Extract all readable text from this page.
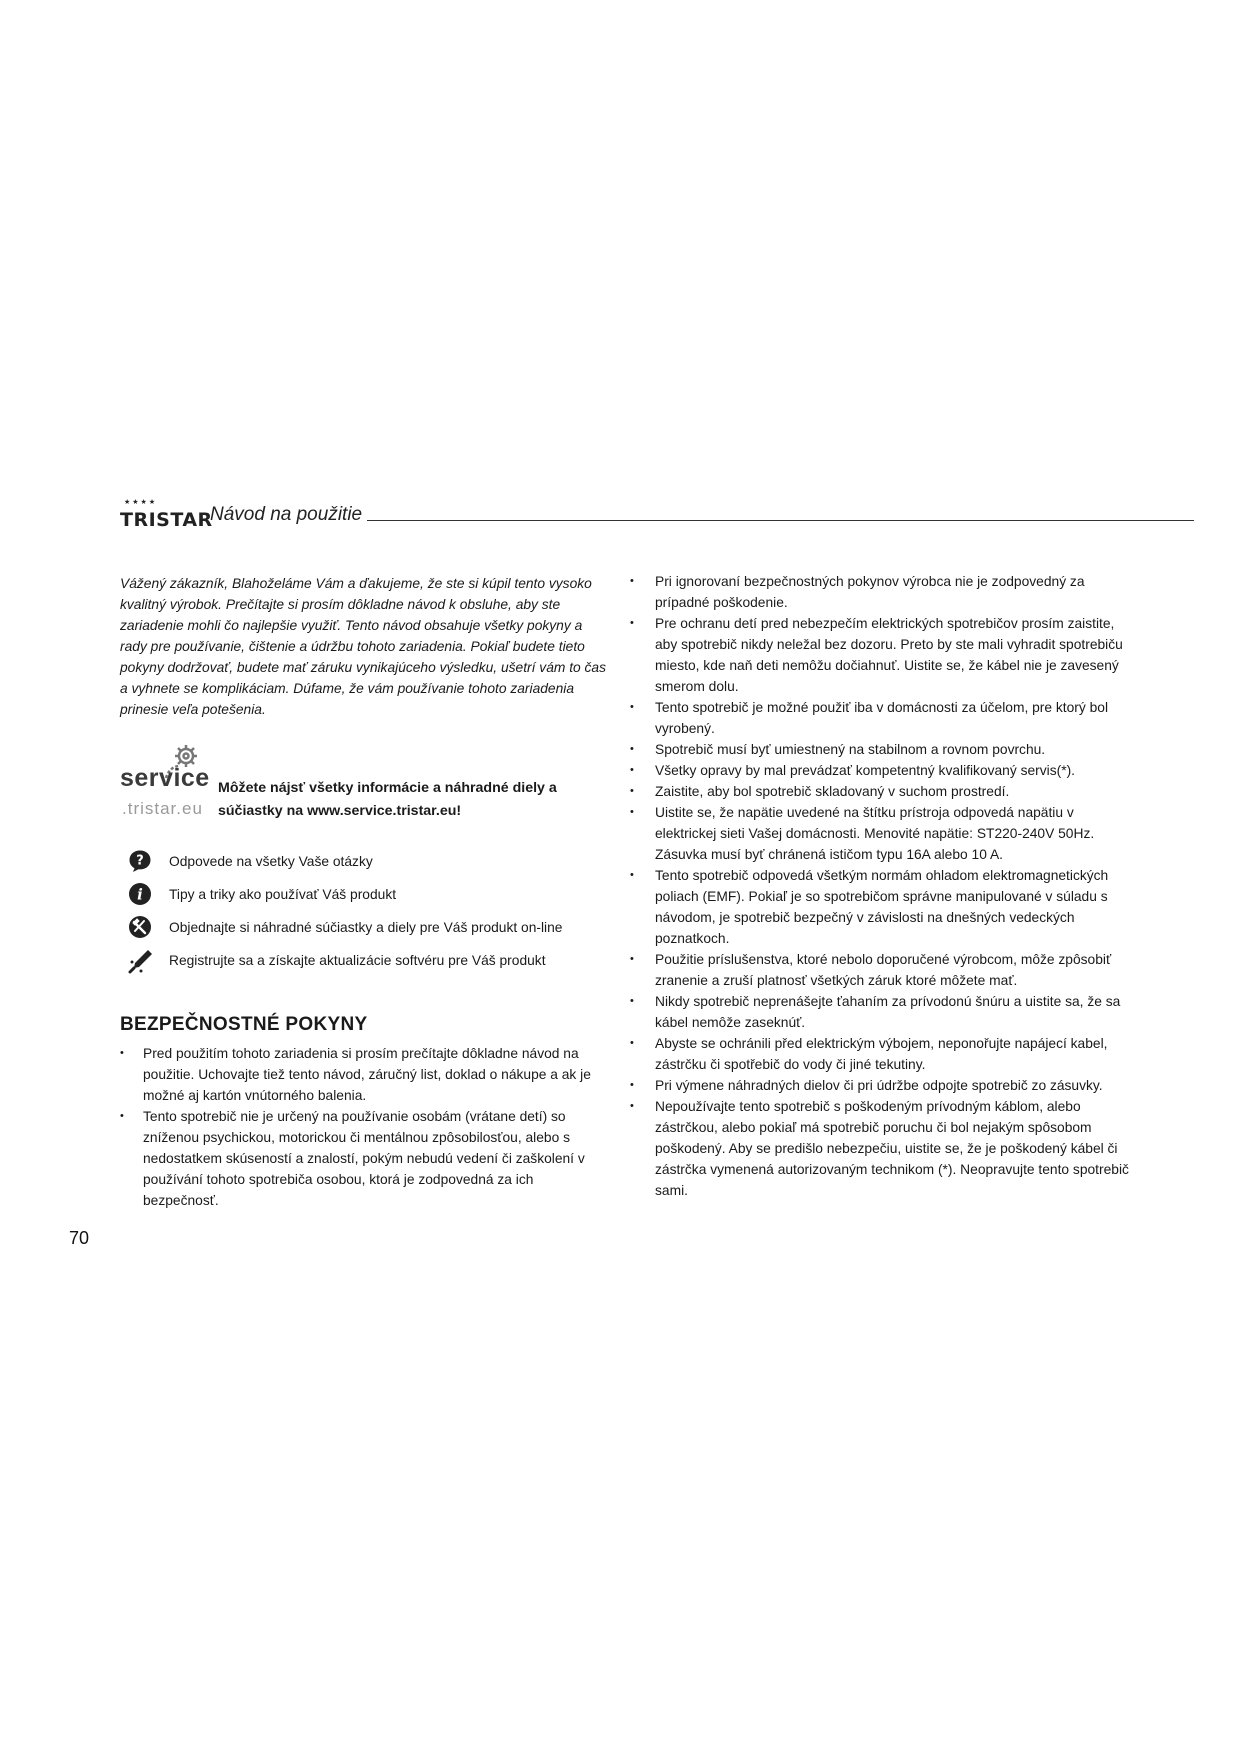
★★★★
TRISTAR
Návod na použitie

Vážený zákazník, Blahoželáme Vám a ďakujeme, že ste si kúpil tento vysoko kvalitný výrobok. Prečítajte si prosím dôkladne návod k obsluhe, aby ste zariadenie mohli čo najlepšie využiť. Tento návod obsahuje všetky pokyny a rady pre používanie, čištenie a údržbu tohoto zariadenia. Pokiaľ budete tieto pokyny dodržovať, budete mať záruku vynikajúceho výsledku, ušetrí vám to čas a vyhnete se komplikáciam. Dúfame, že vám používanie tohoto zariadenia prinesie veľa potešenia.

service
.tristar.eu
Môžete nájsť všetky informácie a náhradné diely a súčiastky na www.service.tristar.eu!
? Odpovede na všetky Vaše otázky
i Tipy a triky ako používať Váš produkt
Objednajte si náhradné súčiastky a diely pre Váš produkt on-line
Registrujte sa a získajte aktualizácie softvéru pre Váš produkt
BEZPEČNOSTNÉ POKYNY
• Pred použitím tohoto zariadenia si prosím prečítajte dôkladne návod na použitie. Uchovajte tiež tento návod, záručný list, doklad o nákupe a ak je možné aj kartón vnútorného balenia.
• Tento spotrebič nie je určený na používanie osobám (vrátane detí) so zníženou psychickou, motorickou či mentálnou zpôsobilosťou, alebo s nedostatkem skúseností a znalostí, pokým nebudú vedení či zaškolení v používání tohoto spotrebiča osobou, ktorá je zodpovedná za ich bezpečnosť.
• Pri ignorovaní bezpečnostných pokynov výrobca nie je zodpovedný za prípadné poškodenie.
• Pre ochranu detí pred nebezpečím elektrických spotrebičov prosím zaistite, aby spotrebič nikdy neležal bez dozoru. Preto by ste mali vyhradit spotrebiču miesto, kde naň deti nemôžu dočiahnuť. Uistite se, že kábel nie je zavesený smerom dolu.
• Tento spotrebič je možné použiť iba v domácnosti za účelom, pre ktorý bol vyrobený.
• Spotrebič musí byť umiestnený na stabilnom a rovnom povrchu.
• Všetky opravy by mal prevádzať kompetentný kvalifikovaný servis(*).
• Zaistite, aby bol spotrebič skladovaný v suchom prostredí.
• Uistite se, že napätie uvedené na štítku prístroja odpovedá napätiu v elektrickej sieti Vašej domácnosti. Menovité napätie: ST220-240V 50Hz. Zásuvka musí byť chránená ističom typu 16A alebo 10 A.
• Tento spotrebič odpovedá všetkým normám ohladom elektromagnetických poliach (EMF). Pokiaľ je so spotrebičom správne manipulované v súladu s návodom, je spotrebič bezpečný v závislosti na dnešných vedeckých poznatkoch.
• Použitie príslušenstva, ktoré nebolo doporučené výrobcom, môže zpôsobiť zranenie a zruší platnosť všetkých záruk ktoré môžete mať.
• Nikdy spotrebič neprenášejte ťahaním za prívodonú šnúru a uistite sa, že sa kábel nemôže zaseknúť.
• Abyste se ochránili před elektrickým výbojem, neponořujte napájecí kabel, zástrčku či spotřebič do vody či jiné tekutiny.
• Pri výmene náhradných dielov či pri údržbe odpojte spotrebič zo zásuvky.
• Nepoužívajte tento spotrebič s poškodeným prívodným káblom, alebo zástrčkou, alebo pokiaľ má spotrebič poruchu či bol nejakým spôsobom poškodený. Aby se predišlo nebezpečiu, uistite se, že je poškodený kábel či zástrčka vymenená autorizovaným technikom (*). Neopravujte tento spotrebič sami.
70
